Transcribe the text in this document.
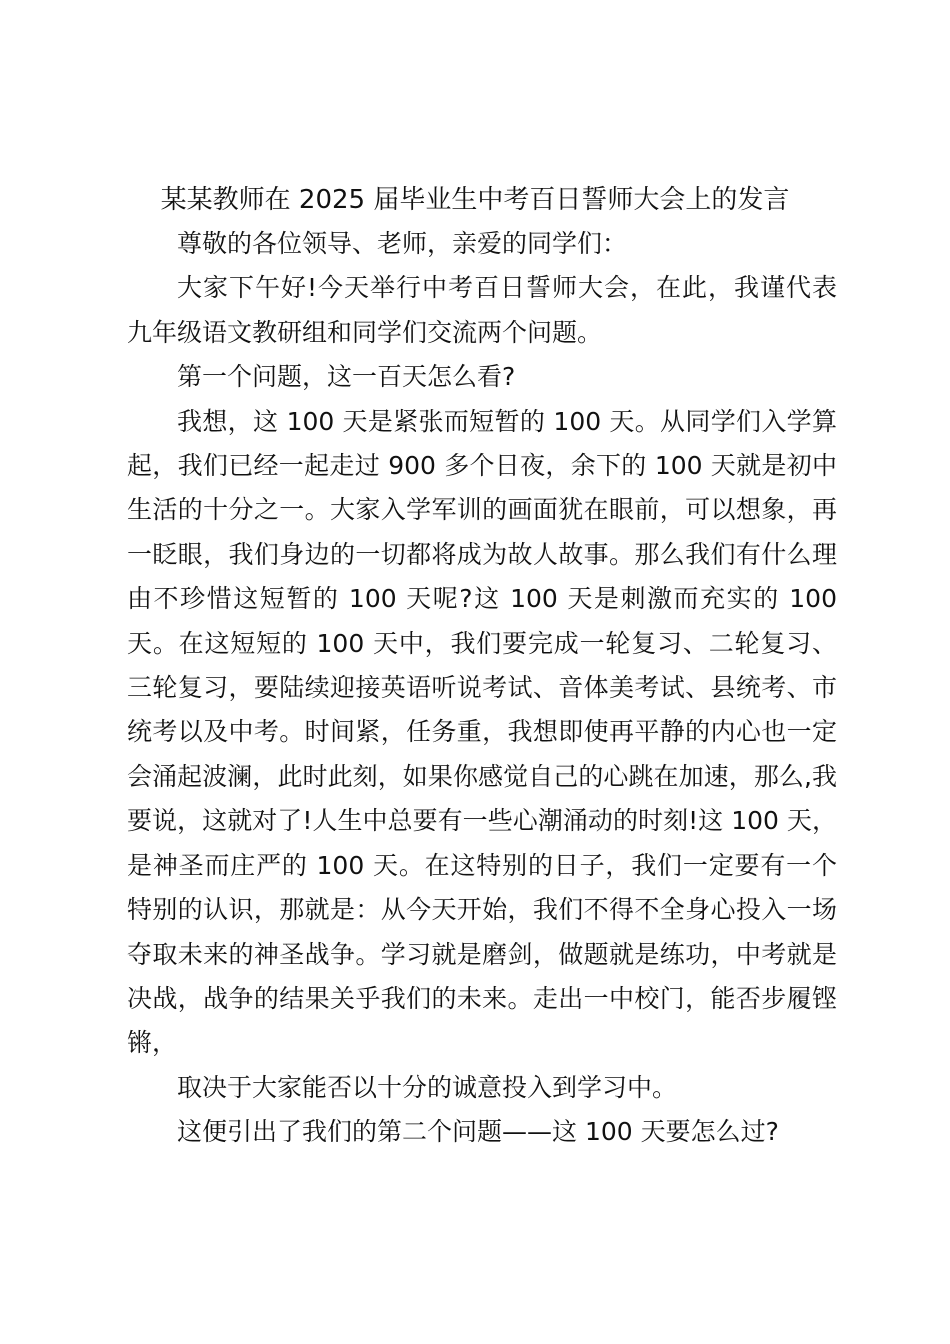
某某教师在 2025 届毕业生中考百日誓师大会上的发言

尊敬的各位领导、老师，亲爱的同学们：

大家下午好!今天举行中考百日誓师大会，在此，我谨代表九年级语文教研组和同学们交流两个问题。

第一个问题，这一百天怎么看?

我想，这 100 天是紧张而短暂的 100 天。从同学们入学算起，我们已经一起走过 900 多个日夜，余下的 100 天就是初中生活的十分之一。大家入学军训的画面犹在眼前，可以想象，再一眨眼，我们身边的一切都将成为故人故事。那么我们有什么理由不珍惜这短暂的 100 天呢?这 100 天是刺激而充实的 100 天。在这短短的 100 天中，我们要完成一轮复习、二轮复习、三轮复习，要陆续迎接英语听说考试、音体美考试、县统考、市统考以及中考。时间紧，任务重，我想即使再平静的内心也一定会涌起波澜，此时此刻，如果你感觉自己的心跳在加速，那么,我要说，这就对了!人生中总要有一些心潮涌动的时刻!这 100 天，是神圣而庄严的 100 天。在这特别的日子，我们一定要有一个特别的认识，那就是：从今天开始，我们不得不全身心投入一场夺取未来的神圣战争。学习就是磨剑，做题就是练功，中考就是决战，战争的结果关乎我们的未来。走出一中校门，能否步履铿锵，

取决于大家能否以十分的诚意投入到学习中。

这便引出了我们的第二个问题——这 100 天要怎么过?
